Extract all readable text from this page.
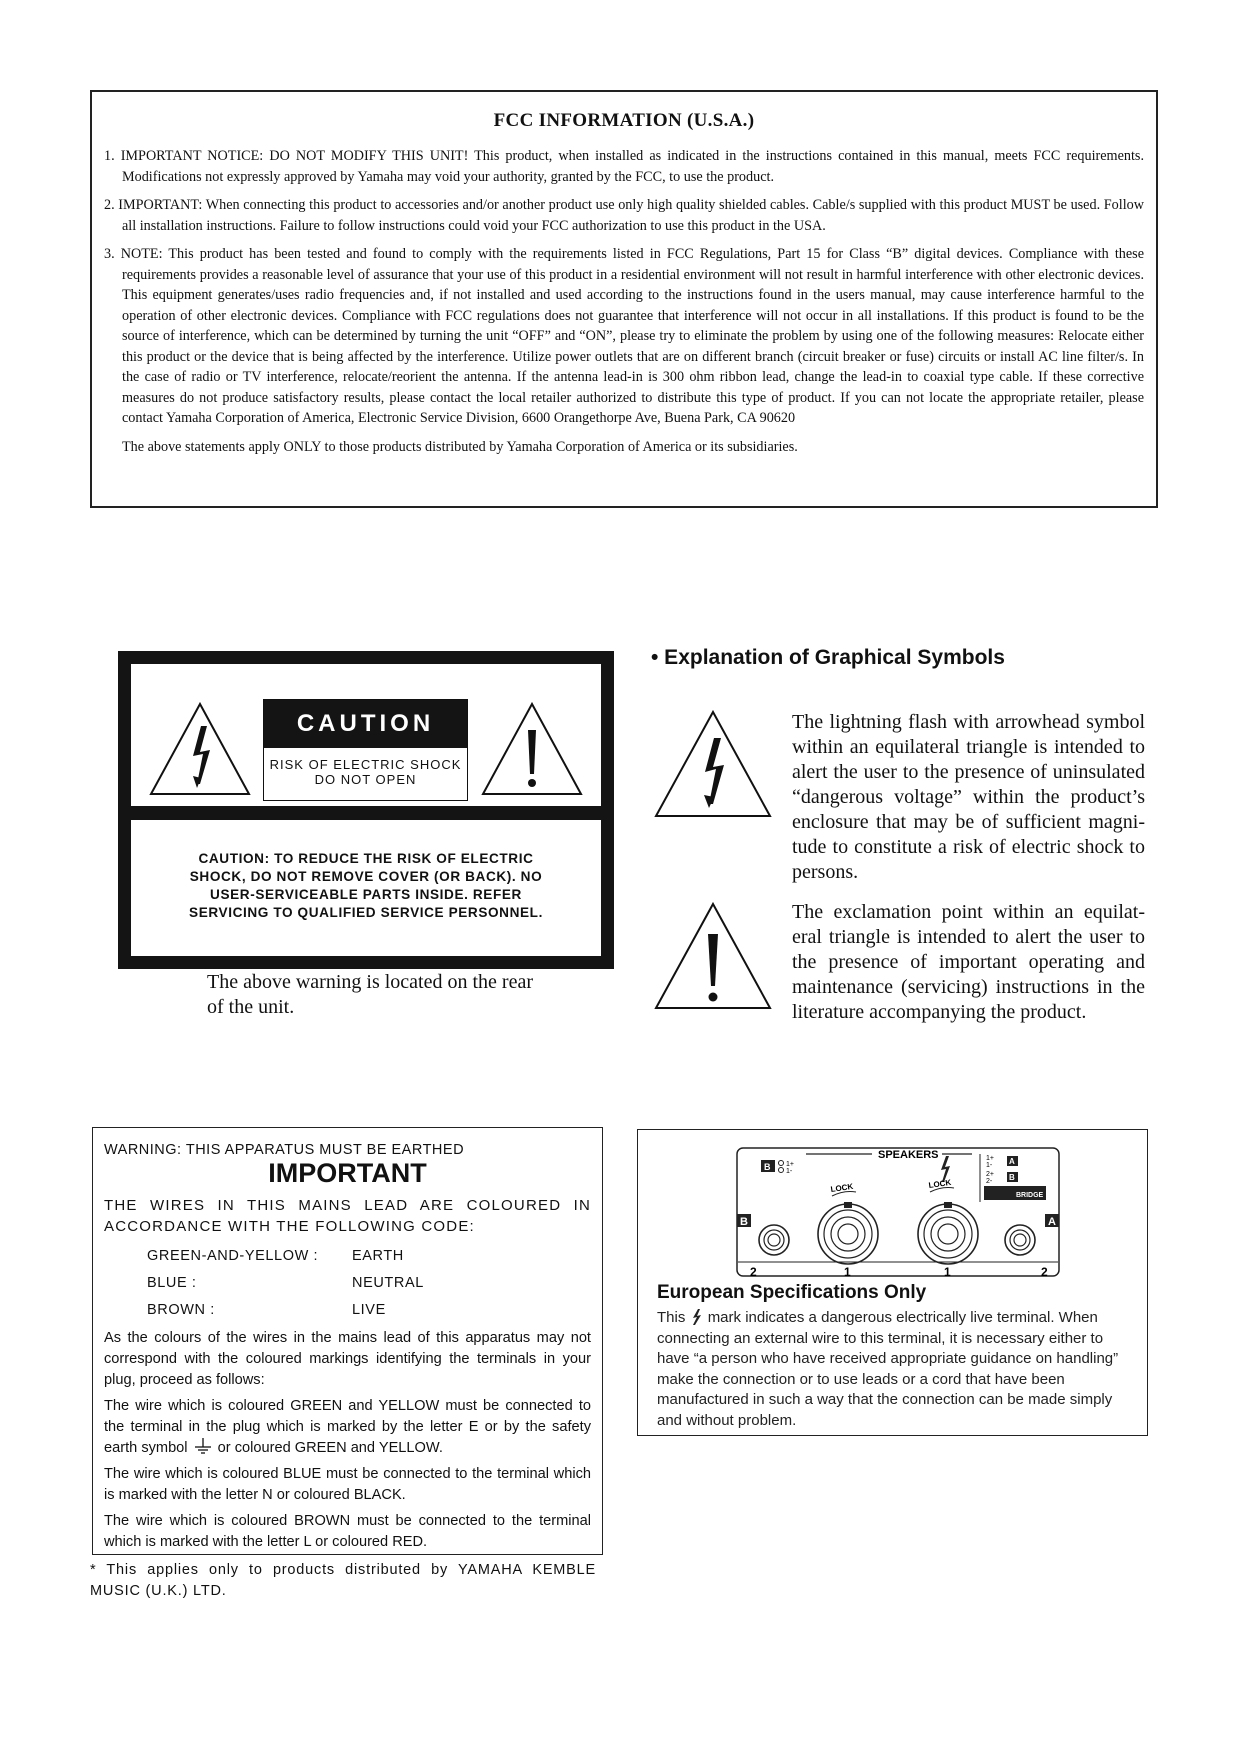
FCC INFORMATION (U.S.A.)
1. IMPORTANT NOTICE: DO NOT MODIFY THIS UNIT! This product, when installed as indicated in the instructions contained in this manual, meets FCC requirements. Modifications not expressly approved by Yamaha may void your authority, granted by the FCC, to use the product.
2. IMPORTANT: When connecting this product to accessories and/or another product use only high quality shielded cables. Cable/s supplied with this product MUST be used. Follow all installation instructions. Failure to follow instructions could void your FCC authorization to use this product in the USA.
3. NOTE: This product has been tested and found to comply with the requirements listed in FCC Regulations, Part 15 for Class “B” digital devices. Compliance with these requirements provides a reasonable level of assurance that your use of this product in a residential environment will not result in harmful interference with other electronic devices. This equipment generates/uses radio frequencies and, if not installed and used according to the instructions found in the users manual, may cause interference harmful to the operation of other electronic devices. Compliance with FCC regulations does not guarantee that interference will not occur in all installations. If this product is found to be the source of interference, which can be determined by turning the unit “OFF” and “ON”, please try to eliminate the problem by using one of the following measures: Relocate either this product or the device that is being affected by the interference. Utilize power outlets that are on different branch (circuit breaker or fuse) circuits or install AC line filter/s. In the case of radio or TV interference, relocate/reorient the antenna. If the antenna lead-in is 300 ohm ribbon lead, change the lead-in to coaxial type cable. If these corrective measures do not produce satisfactory results, please contact the local retailer authorized to distribute this type of product. If you can not locate the appropriate retailer, please contact Yamaha Corporation of America, Electronic Service Division, 6600 Orangethorpe Ave, Buena Park, CA 90620
The above statements apply ONLY to those products distributed by Yamaha Corporation of America or its subsidiaries.
CAUTION
RISK OF ELECTRIC SHOCK
DO NOT OPEN
CAUTION: TO REDUCE THE RISK OF ELECTRIC SHOCK, DO NOT REMOVE COVER (OR BACK). NO USER-SERVICEABLE PARTS INSIDE. REFER SERVICING TO QUALIFIED SERVICE PERSONNEL.
The above warning is located on the rear of the unit.
• Explanation of Graphical Symbols
The lightning flash with arrowhead symbol within an equilateral triangle is intended to alert the user to the presence of uninsulated “dangerous voltage” within the product’s enclosure that may be of sufficient magni-tude to constitute a risk of electric shock to persons.
The exclamation point within an equilat-eral triangle is intended to alert the user to the presence of important operating and maintenance (servicing) instructions in the literature accompanying the product.

WARNING: THIS APPARATUS MUST BE EARTHED

IMPORTANT

THE WIRES IN THIS MAINS LEAD ARE COLOURED IN ACCORDANCE WITH THE FOLLOWING CODE:

GREEN-AND-YELLOW :	EARTH
BLUE :	NEUTRAL
BROWN :	LIVE

As the colours of the wires in the mains lead of this apparatus may not correspond with the coloured markings identifying the terminals in your plug, proceed as follows:

The wire which is coloured GREEN and YELLOW must be connected to the terminal in the plug which is marked by the letter E or by the safety earth symbol or coloured GREEN and YELLOW.

The wire which is coloured BLUE must be connected to the terminal which is marked with the letter N or coloured BLACK.

The wire which is coloured BROWN must be connected to the terminal which is marked with the letter L or coloured RED.

* This applies only to products distributed by YAMAHA KEMBLE MUSIC (U.K.) LTD.
SPEAKERS
B 1+
1-
1+
1- A
2+
2- B
BRIDGE
LOCK	LOCK
B	A
2	1	1	2
European Specifications Only
This mark indicates a dangerous electrically live terminal. When connecting an external wire to this terminal, it is necessary either to have “a person who have received appropriate guidance on handling” make the connection or to use leads or a cord that have been manufactured in such a way that the connection can be made simply and without problem.
